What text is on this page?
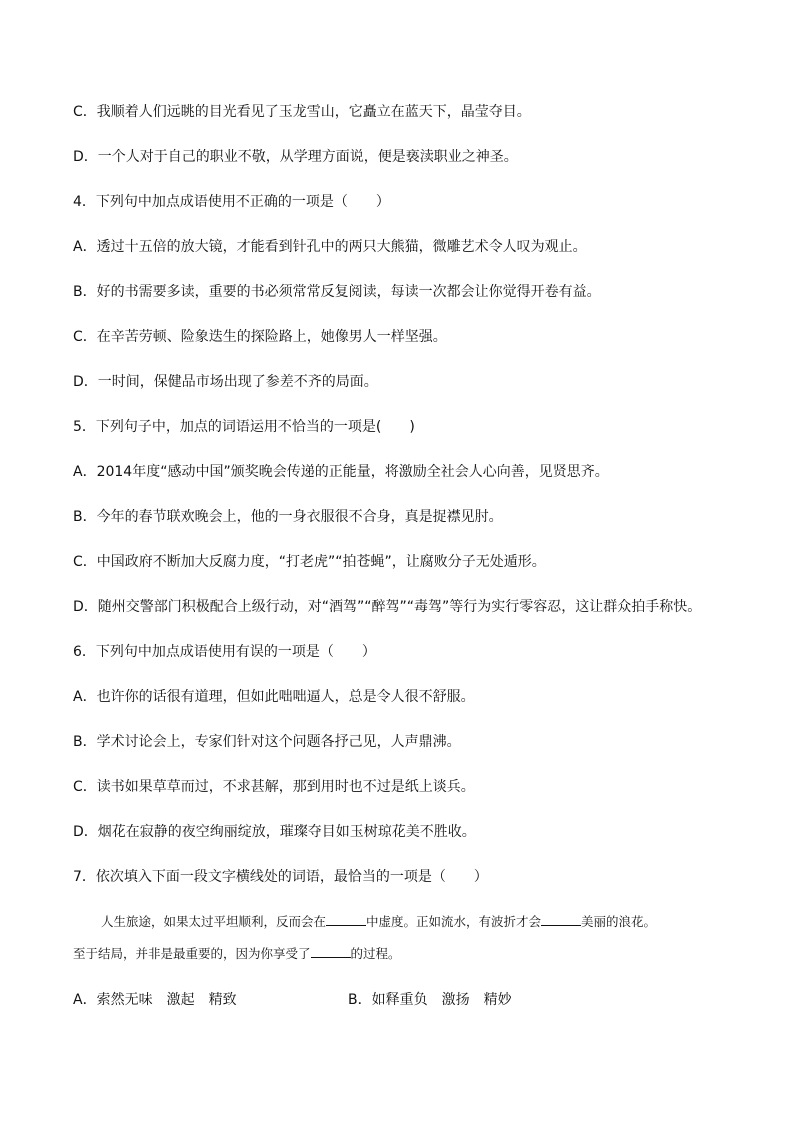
C．我顺着人们远眺的目光看见了玉龙雪山，它矗立在蓝天下，晶莹夺目。
D．一个人对于自己的职业不敬，从学理方面说，便是亵渎职业之神圣。
4．下列句中加点成语使用不正确的一项是（　　）
A．透过十五倍的放大镜，才能看到针孔中的两只大熊猫，微雕艺术令人叹为观止。
B．好的书需要多读，重要的书必须常常反复阅读，每读一次都会让你觉得开卷有益。
C．在辛苦劳顿、险象迭生的探险路上，她像男人一样坚强。
D．一时间，保健品市场出现了参差不齐的局面。
5．下列句子中，加点的词语运用不恰当的一项是(　　)
A．2014年度“感动中国”颁奖晚会传递的正能量，将激励全社会人心向善，见贤思齐。
B．今年的春节联欢晚会上，他的一身衣服很不合身，真是捉襟见肘。
C．中国政府不断加大反腐力度，“打老虎”“拍苍蝇”，让腐败分子无处遁形。
D．随州交警部门积极配合上级行动，对“酒驾”“醉驾”“毒驾”等行为实行零容忍，这让群众拍手称快。
6．下列句中加点成语使用有误的一项是（　　）
A．也许你的话很有道理，但如此咄咄逼人，总是令人很不舒服。
B．学术讨论会上，专家们针对这个问题各抒己见，人声鼎沸。
C．读书如果草草而过，不求甚解，那到用时也不过是纸上谈兵。
D．烟花在寂静的夜空绚丽绽放，璀璨夺目如玉树琼花美不胜收。
7．依次填入下面一段文字横线处的词语，最恰当的一项是（　　）
人生旅途，如果太过平坦顺利，反而会在	中虚度。正如流水，有波折才会	美丽的浪花。
至于结局，并非是最重要的，因为你享受了	的过程。
A．索然无味　激起　精致	B．如释重负　激扬　精妙
